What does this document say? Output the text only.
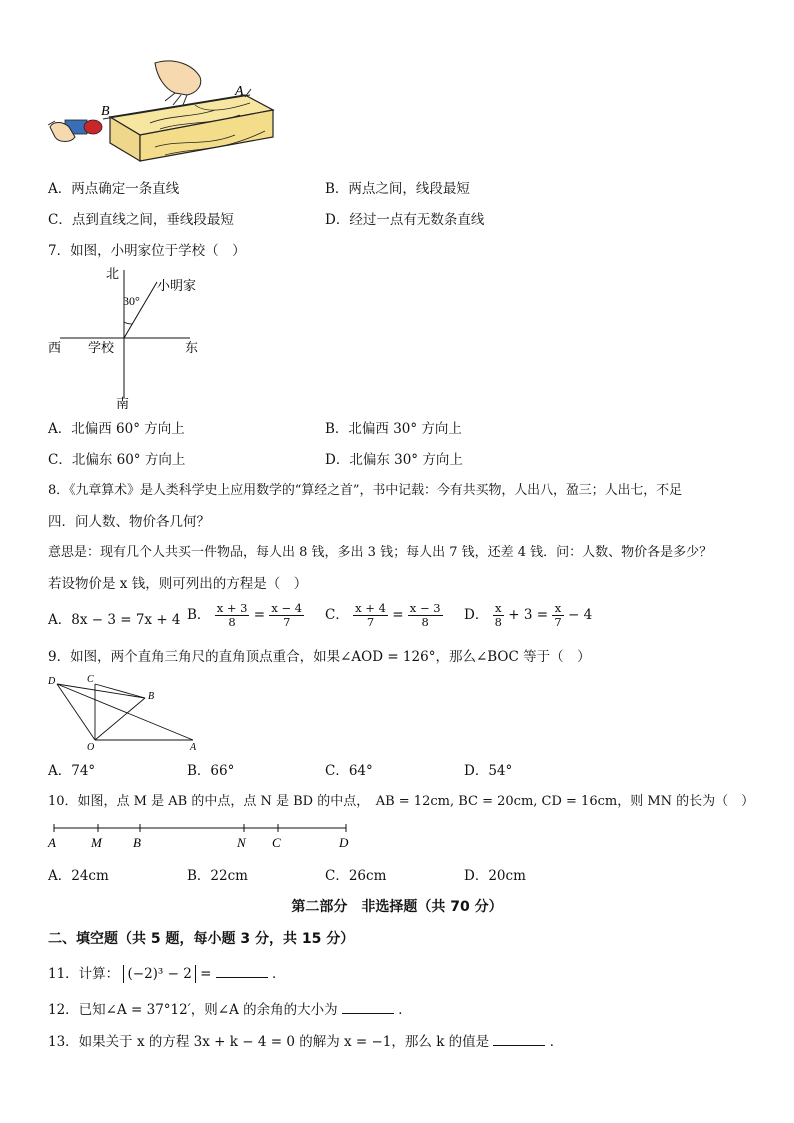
B
A
A．两点确定一条直线	B．两点之间，线段最短
C．点到直线之间，垂线段最短	D．经过一点有无数条直线
7．如图，小明家位于学校（　）
北
南
东
西 学校
小明家
30°
A．北偏西 60° 方向上	B．北偏西 30° 方向上
C．北偏东 60° 方向上	D．北偏东 30° 方向上
8．《九章算术》是人类科学史上应用数学的“算经之首”，书中记载：今有共买物，人出八，盈三；人出七，不足
四．问人数、物价各几何？
意思是：现有几个人共买一件物品，每人出 8 钱，多出 3 钱；每人出 7 钱，还差 4 钱．问：人数、物价各是多少？
若设物价是 x 钱，则可列出的方程是（　）
A．8x − 3 = 7x + 4 B． $\frac{x + 3}{8} = \frac{x - 4}{7}$ C． $\frac{x + 4}{7} = \frac{x - 3}{8}$ D． $\frac{x}{8} + 3 = \frac{x}{7} - 4$
9．如图，两个直角三角尺的直角顶点重合，如果∠AOD = 126°，那么∠BOC 等于（　）
D	C
B
O	A
A．74°	B．66°	C．64°	D．54°
10．如图，点 M 是 AB 的中点，点 N 是 BD 的中点，　AB = 12cm, BC = 20cm, CD = 16cm，则 MN 的长为（　）
A	M B	N C	D
A．24cm	B．22cm	C．26cm	D．20cm
第二部分　非选择题（共 70 分）
二、填空题（共 5 题，每小题 3 分，共 15 分）
11．计算： (−2)³ − 2 =	．
12．已知∠A = 37°12′，则∠A 的余角的大小为	．
13．如果关于 x 的方程 3x + k − 4 = 0 的解为 x = −1，那么 k 的值是	．
